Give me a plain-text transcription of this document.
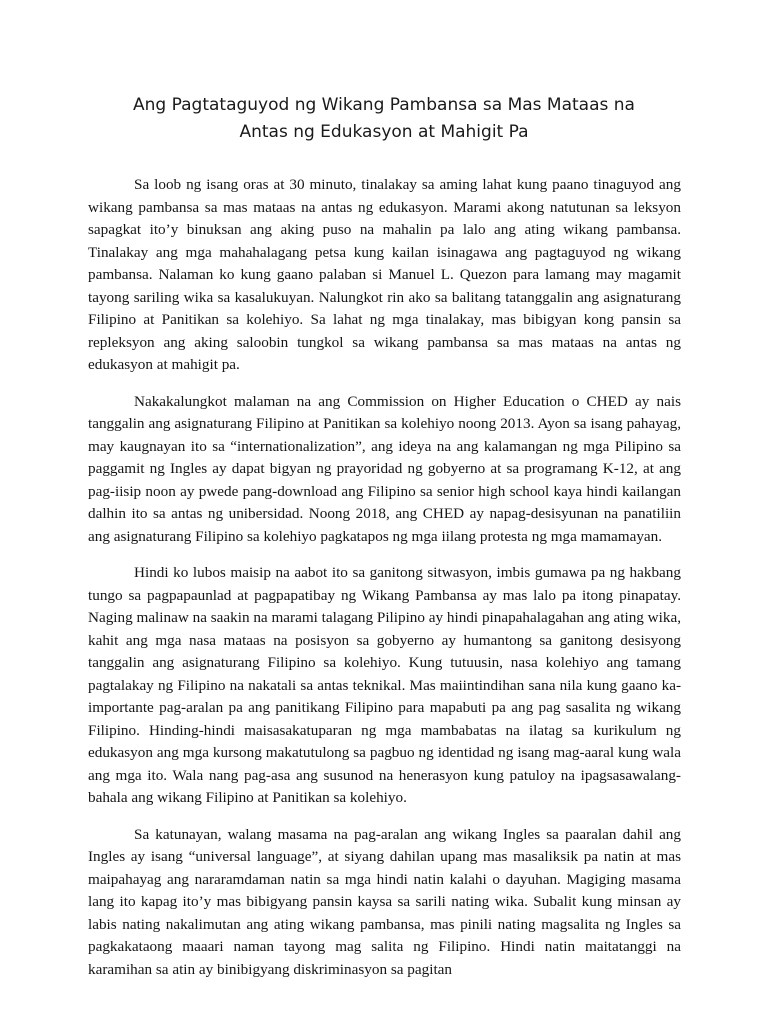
Ang Pagtataguyod ng Wikang Pambansa sa Mas Mataas na
Antas ng Edukasyon at Mahigit Pa

Sa loob ng isang oras at 30 minuto, tinalakay sa aming lahat kung paano tinaguyod ang wikang pambansa sa mas mataas na antas ng edukasyon. Marami akong natutunan sa leksyon sapagkat ito’y binuksan ang aking puso na mahalin pa lalo ang ating wikang pambansa. Tinalakay ang mga mahahalagang petsa kung kailan isinagawa ang pagtaguyod ng wikang pambansa. Nalaman ko kung gaano palaban si Manuel L. Quezon para lamang may magamit tayong sariling wika sa kasalukuyan. Nalungkot rin ako sa balitang tatanggalin ang asignaturang Filipino at Panitikan sa kolehiyo. Sa lahat ng mga tinalakay, mas bibigyan kong pansin sa repleksyon ang aking saloobin tungkol sa wikang pambansa sa mas mataas na antas ng edukasyon at mahigit pa.

Nakakalungkot malaman na ang Commission on Higher Education o CHED ay nais tanggalin ang asignaturang Filipino at Panitikan sa kolehiyo noong 2013. Ayon sa isang pahayag, may kaugnayan ito sa “internationalization”, ang ideya na ang kalamangan ng mga Pilipino sa paggamit ng Ingles ay dapat bigyan ng prayoridad ng gobyerno at sa programang K-12, at ang pag-iisip noon ay pwede pang-download ang Filipino sa senior high school kaya hindi kailangan dalhin ito sa antas ng unibersidad. Noong 2018, ang CHED ay napag-desisyunan na panatiliin ang asignaturang Filipino sa kolehiyo pagkatapos ng mga iilang protesta ng mga mamamayan.

Hindi ko lubos maisip na aabot ito sa ganitong sitwasyon, imbis gumawa pa ng hakbang tungo sa pagpapaunlad at pagpapatibay ng Wikang Pambansa ay mas lalo pa itong pinapatay. Naging malinaw na saakin na marami talagang Pilipino ay hindi pinapahalagahan ang ating wika, kahit ang mga nasa mataas na posisyon sa gobyerno ay humantong sa ganitong desisyong tanggalin ang asignaturang Filipino sa kolehiyo. Kung tutuusin, nasa kolehiyo ang tamang pagtalakay ng Filipino na nakatali sa antas teknikal. Mas maiintindihan sana nila kung gaano ka-importante pag-aralan pa ang panitikang Filipino para mapabuti pa ang pag sasalita ng wikang Filipino. Hinding-hindi maisasakatuparan ng mga mambabatas na ilatag sa kurikulum ng edukasyon ang mga kursong makatutulong sa pagbuo ng identidad ng isang mag-aaral kung wala ang mga ito. Wala nang pag-asa ang susunod na henerasyon kung patuloy na ipagsasawalang-bahala ang wikang Filipino at Panitikan sa kolehiyo.

Sa katunayan, walang masama na pag-aralan ang wikang Ingles sa paaralan dahil ang Ingles ay isang “universal language”, at siyang dahilan upang mas masaliksik pa natin at mas maipahayag ang nararamdaman natin sa mga hindi natin kalahi o dayuhan. Magiging masama lang ito kapag ito’y mas bibigyang pansin kaysa sa sarili nating wika. Subalit kung minsan ay labis nating nakalimutan ang ating wikang pambansa, mas pinili nating magsalita ng Ingles sa pagkakataong maaari naman tayong mag salita ng Filipino. Hindi natin maitatanggi na karamihan sa atin ay binibigyang diskriminasyon sa pagitan
